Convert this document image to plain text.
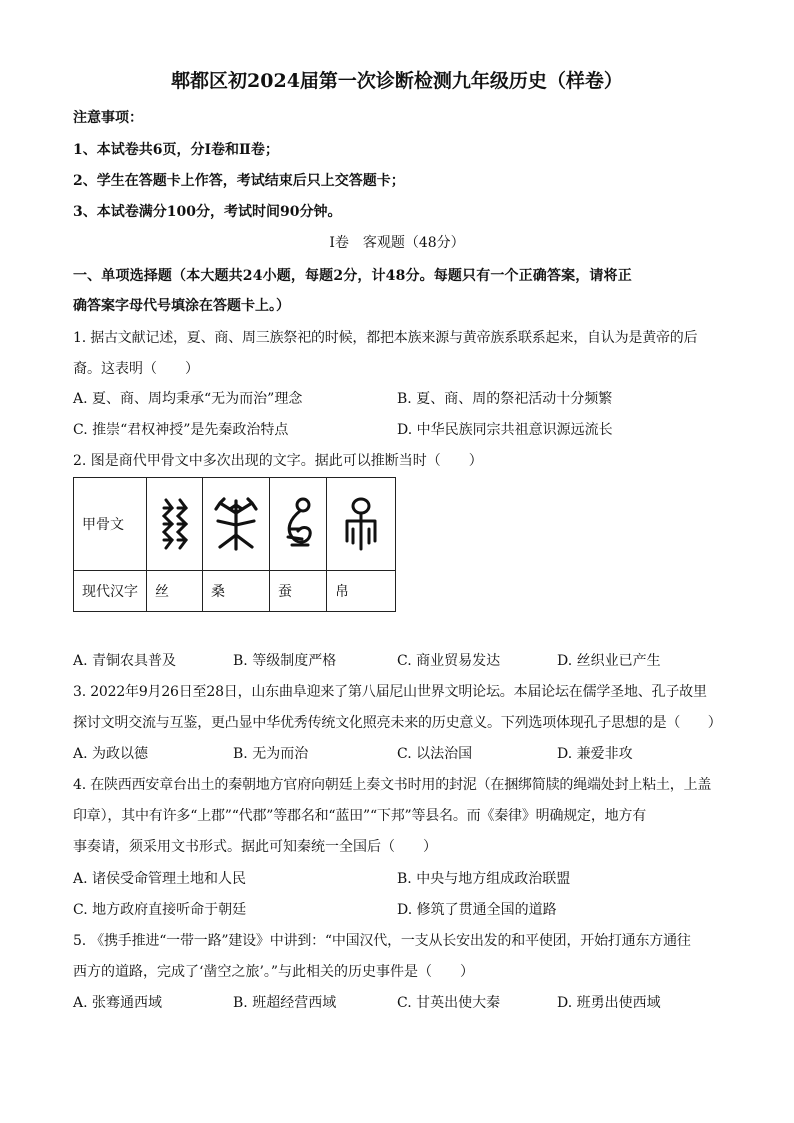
郫都区初2024届第一次诊断检测九年级历史（样卷）
注意事项：
1、本试卷共6页，分Ⅰ卷和Ⅱ卷；
2、学生在答题卡上作答，考试结束后只上交答题卡；
3、本试卷满分100分，考试时间90分钟。
Ⅰ卷　客观题（48分）
一、单项选择题（本大题共24小题，每题2分，计48分。每题只有一个正确答案，请将正
确答案字母代号填涂在答题卡上。）
1. 据古文献记述，夏、商、周三族祭祀的时候，都把本族来源与黄帝族系联系起来，自认为是黄帝的后
裔。这表明（　　）
A. 夏、商、周均秉承“无为而治”理念	B. 夏、商、周的祭祀活动十分频繁
C. 推崇“君权神授”是先秦政治特点	D. 中华民族同宗共祖意识源远流长
2. 图是商代甲骨文中多次出现的文字。据此可以推断当时（　　）
甲骨文	

现代汉字	丝	桑	蚕	帛
A. 青铜农具普及	B. 等级制度严格	C. 商业贸易发达	D. 丝织业已产生
3. 2022年9月26日至28日，山东曲阜迎来了第八届尼山世界文明论坛。本届论坛在儒学圣地、孔子故里
探讨文明交流与互鉴，更凸显中华优秀传统文化照亮未来的历史意义。下列选项体现孔子思想的是（　　）
A. 为政以德	B. 无为而治	C. 以法治国	D. 兼爱非攻
4. 在陕西西安章台出土的秦朝地方官府向朝廷上奏文书时用的封泥（在捆绑简牍的绳端处封上粘土，上盖
印章），其中有许多“上郡”“代郡”等郡名和“蓝田”“下邦”等县名。而《秦律》明确规定，地方有
事奏请，须采用文书形式。据此可知秦统一全国后（　　）
A. 诸侯受命管理土地和人民	B. 中央与地方组成政治联盟
C. 地方政府直接听命于朝廷	D. 修筑了贯通全国的道路
5. 《携手推进“一带一路”建设》中讲到：“中国汉代，一支从长安出发的和平使团，开始打通东方通往
西方的道路，完成了‘凿空之旅’。”与此相关的历史事件是（　　）
A. 张骞通西域	B. 班超经营西域	C. 甘英出使大秦	D. 班勇出使西域
